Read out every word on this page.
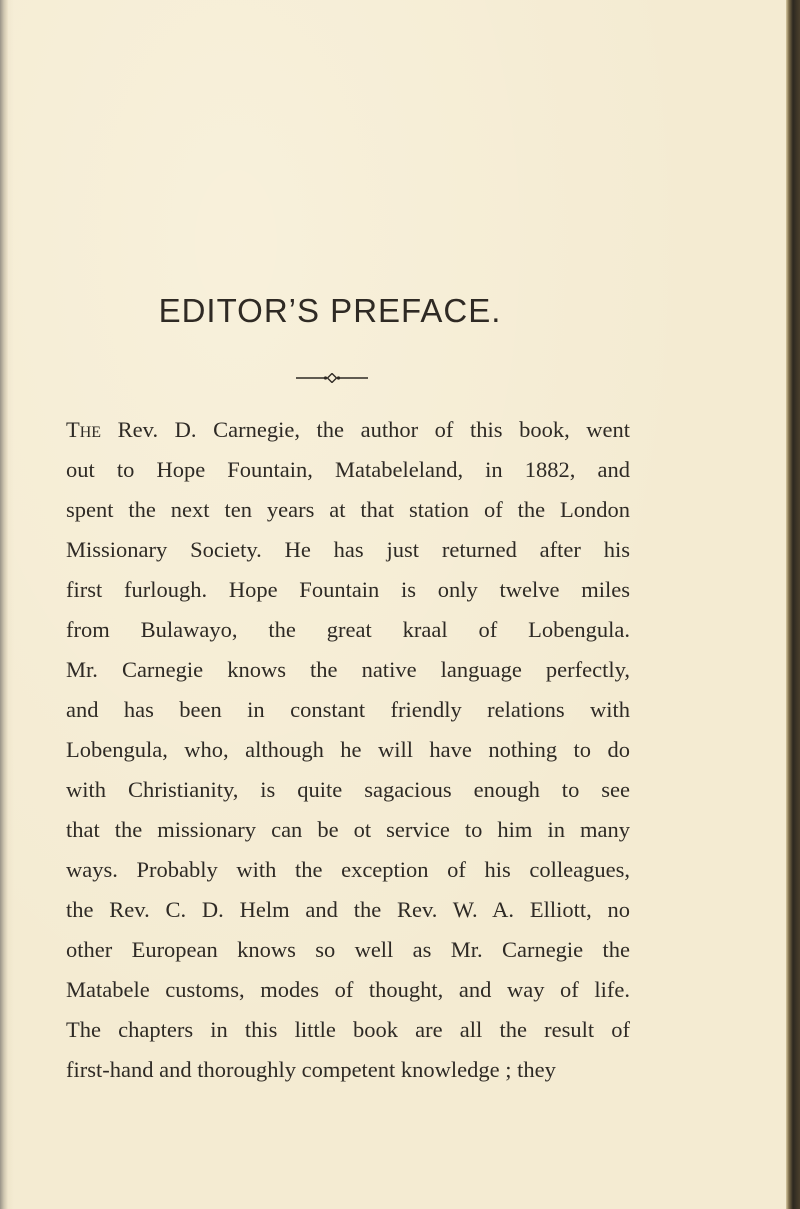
EDITOR’S PREFACE.
The Rev. D. Carnegie, the author of this book, went
out to Hope Fountain, Matabeleland, in 1882, and
spent the next ten years at that station of the London
Missionary Society. He has just returned after his
first furlough. Hope Fountain is only twelve miles
from Bulawayo, the great kraal of Lobengula.
Mr. Carnegie knows the native language perfectly,
and has been in constant friendly relations with
Lobengula, who, although he will have nothing to do
with Christianity, is quite sagacious enough to see
that the missionary can be ot service to him in many
ways. Probably with the exception of his colleagues,
the Rev. C. D. Helm and the Rev. W. A. Elliott, no
other European knows so well as Mr. Carnegie the
Matabele customs, modes of thought, and way of life.
The chapters in this little book are all the result of
first-hand and thoroughly competent knowledge ; they
